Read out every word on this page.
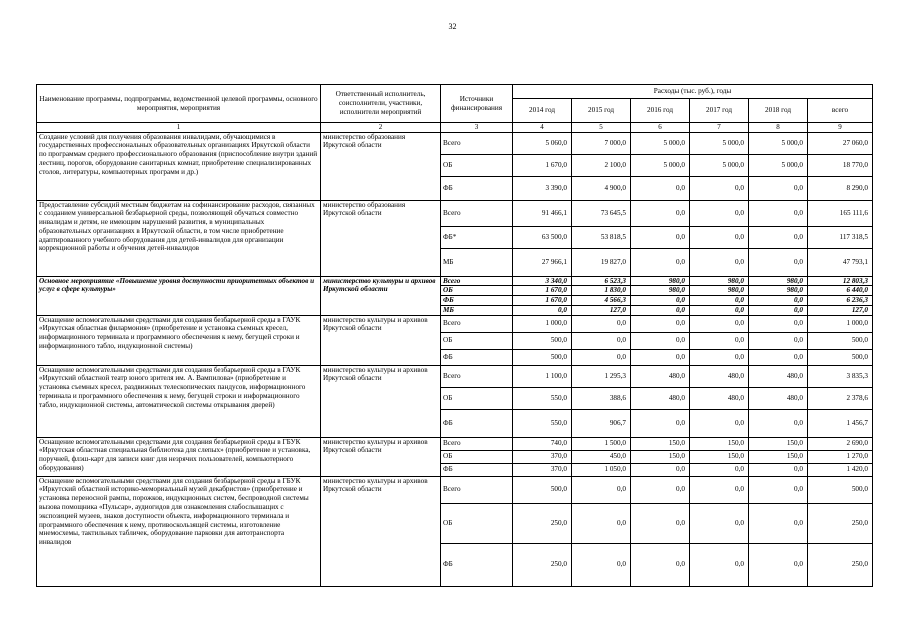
32
Наименование программы, подпрограммы, ведомственной целевой программы, основного мероприятия, мероприятия	Ответственный исполнитель, соисполнители, участники, исполнители мероприятий	Источники финансирования	Расходы (тыс. руб.), годы					
			2014 год	2015 год	2016 год	2017 год	2018 год	всего
1	2	3	4	5	6	7	8	9
Создание условий для получения образования инвалидами, обучающимися в государственных профессиональных образовательных организациях Иркутской области по программам среднего профессионального образования (приспособление внутри зданий лестниц, порогов, оборудование санитарных комнат, приобретение специализированных столов, литературы, компьютерных программ и др.)	министерство образования Иркутской области	Всего	5 060,0	7 000,0	5 000,0	5 000,0	5 000,0	27 060,0
		ОБ	1 670,0	2 100,0	5 000,0	5 000,0	5 000,0	18 770,0
		ФБ	3 390,0	4 900,0	0,0	0,0	0,0	8 290,0
Предоставление субсидий местным бюджетам на софинансирование расходов, связанных с созданием универсальной безбарьерной среды, позволяющей обучаться совместно инвалидам и детям, не имеющим нарушений развития, в муниципальных образовательных организациях в Иркутской области, в том числе приобретение адаптированного учебного оборудования для детей-инвалидов для организации коррекционной работы и обучения детей-инвалидов	министерство образования Иркутской области	Всего	91 466,1	73 645,5	0,0	0,0	0,0	165 111,6
		ФБ*	63 500,0	53 818,5	0,0	0,0	0,0	117 318,5
		МБ	27 966,1	19 827,0	0,0	0,0	0,0	47 793,1
Основное мероприятие «Повышение уровня доступности приоритетных объектов и услуг в сфере культуры»	министерство культуры и архивов Иркутской области	Всего	3 340,0	6 523,3	980,0	980,0	980,0	12 803,3
		ОБ	1 670,0	1 830,0	980,0	980,0	980,0	6 440,0
		ФБ	1 670,0	4 566,3	0,0	0,0	0,0	6 236,3
		МБ	0,0	127,0	0,0	0,0	0,0	127,0
Оснащение вспомогательными средствами для создания безбарьерной среды в ГАУК «Иркутская областная филармония» (приобретение и установка съемных кресел, информационного терминала и программного обеспечения к нему, бегущей строки и информационного табло, индукционной системы)	министерство культуры и архивов Иркутской области	Всего	1 000,0	0,0	0,0	0,0	0,0	1 000,0
		ОБ	500,0	0,0	0,0	0,0	0,0	500,0
		ФБ	500,0	0,0	0,0	0,0	0,0	500,0
Оснащение вспомогательными средствами для создания безбарьерной среды в ГАУК «Иркутский областной театр юного зрителя им. А. Вампилова» (приобретение и установка съемных кресел, раздвижных телескопических пандусов, информационного терминала и программного обеспечения к нему, бегущей строки и информационного табло, индукционной системы, автоматической системы открывания дверей)	министерство культуры и архивов Иркутской области	Всего	1 100,0	1 295,3	480,0	480,0	480,0	3 835,3
		ОБ	550,0	388,6	480,0	480,0	480,0	2 378,6
		ФБ	550,0	906,7	0,0	0,0	0,0	1 456,7
Оснащение вспомогательными средствами для создания безбарьерной среды в ГБУК «Иркутская областная специальная библиотека для слепых» (приобретение и установка, поручней, флэш-карт для записи книг для незрячих пользователей, компьютерного оборудования)	министерство культуры и архивов Иркутской области	Всего	740,0	1 500,0	150,0	150,0	150,0	2 690,0
		ОБ	370,0	450,0	150,0	150,0	150,0	1 270,0
		ФБ	370,0	1 050,0	0,0	0,0	0,0	1 420,0
Оснащение вспомогательными средствами для создания безбарьерной среды в ГБУК «Иркутский областной историко-мемориальный музей декабристов» (приобретение и установка переносной рампы, порожков, индукционных систем, беспроводной системы вызова помощника «Пульсар», аудиогидов для ознакомления слабослышащих с экспозицией музеев, знаков доступности объекта, информационного терминала и программного обеспечения к нему, противоскользящей системы, изготовление мнемосхемы, тактильных табличек, оборудование парковки для автотранспорта инвалидов	министерство культуры и архивов Иркутской области	Всего	500,0	0,0	0,0	0,0	0,0	500,0
		ОБ	250,0	0,0	0,0	0,0	0,0	250,0
		ФБ	250,0	0,0	0,0	0,0	0,0	250,0
